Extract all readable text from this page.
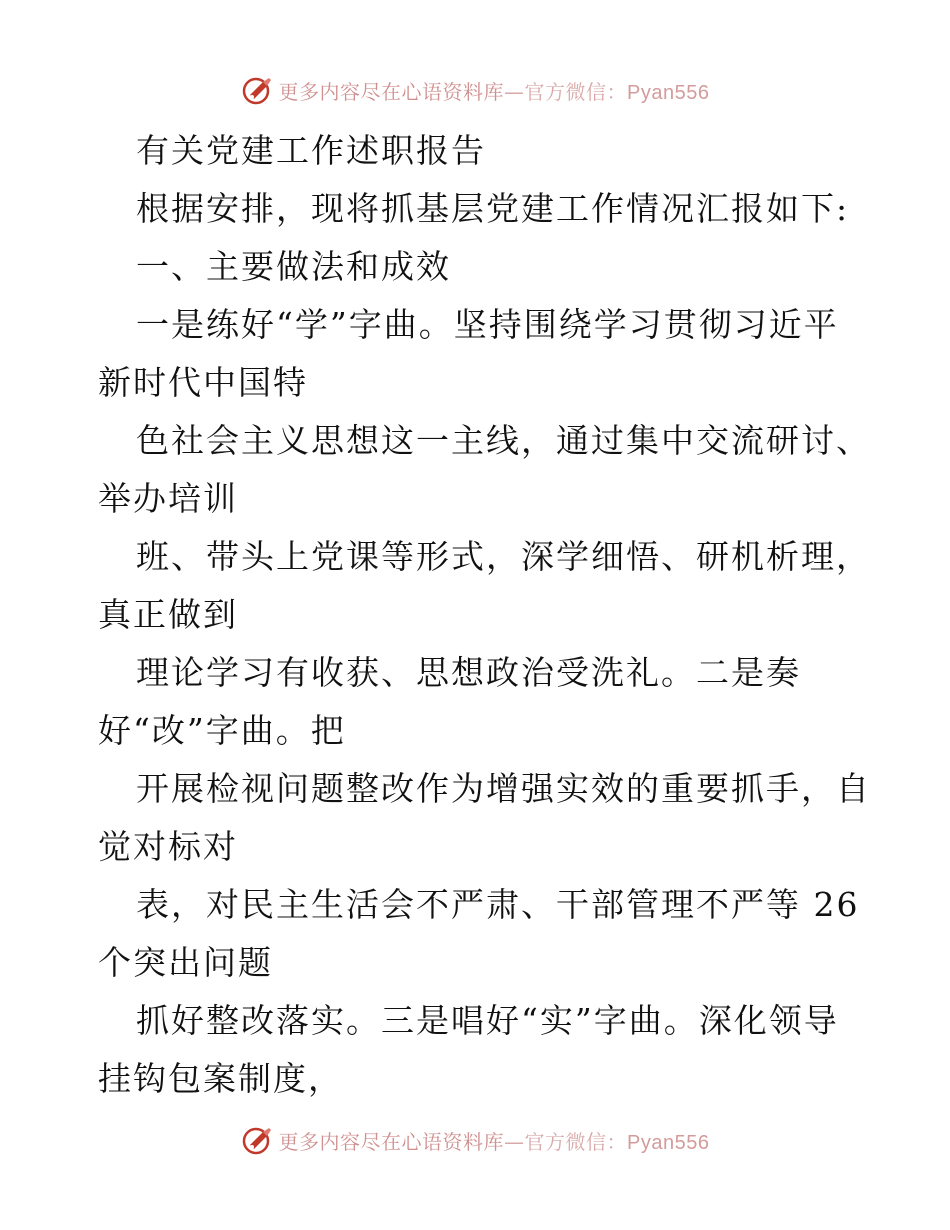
更多内容尽在心语资料库—官方微信：Pyan556
有关党建工作述职报告
根据安排，现将抓基层党建工作情况汇报如下:
一、主要做法和成效
一是练好“学”字曲。坚持围绕学习贯彻习近平
新时代中国特
色社会主义思想这一主线，通过集中交流研讨、
举办培训
班、带头上党课等形式，深学细悟、研机析理，
真正做到
理论学习有收获、思想政治受洗礼。二是奏
好“改”字曲。把
开展检视问题整改作为增强实效的重要抓手，自
觉对标对
表，对民主生活会不严肃、干部管理不严等 26
个突出问题
抓好整改落实。三是唱好“实”字曲。深化领导
挂钩包案制度，
更多内容尽在心语资料库—官方微信：Pyan556
